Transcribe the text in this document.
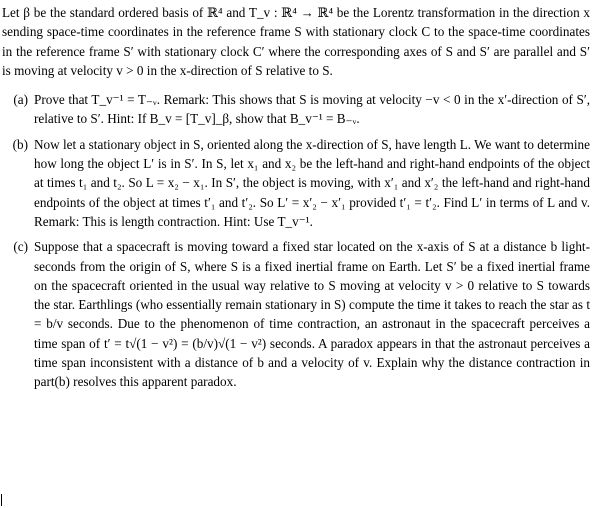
Let β be the standard ordered basis of ℝ⁴ and T_v : ℝ⁴ → ℝ⁴ be the Lorentz transformation in the direction x sending space-time coordinates in the reference frame S with stationary clock C to the space-time coordinates in the reference frame S′ with stationary clock C′ where the corresponding axes of S and S′ are parallel and S′ is moving at velocity v > 0 in the x-direction of S relative to S.

(a) Prove that T_v⁻¹ = T₋ᵥ. Remark: This shows that S is moving at velocity −v < 0 in the x′-direction of S′, relative to S′. Hint: If B_v = [T_v]_β, show that B_v⁻¹ = B₋ᵥ.
(b) Now let a stationary object in S, oriented along the x-direction of S, have length L. We want to determine how long the object L′ is in S′. In S, let x₁ and x₂ be the left-hand and right-hand endpoints of the object at times t₁ and t₂. So L = x₂ − x₁. In S′, the object is moving, with x′₁ and x′₂ the left-hand and right-hand endpoints of the object at times t′₁ and t′₂. So L′ = x′₂ − x′₁ provided t′₁ = t′₂. Find L′ in terms of L and v. Remark: This is length contraction. Hint: Use T_v⁻¹.
(c) Suppose that a spacecraft is moving toward a fixed star located on the x-axis of S at a distance b light-seconds from the origin of S, where S is a fixed inertial frame on Earth. Let S′ be a fixed inertial frame on the spacecraft oriented in the usual way relative to S moving at velocity v > 0 relative to S towards the star. Earthlings (who essentially remain stationary in S) compute the time it takes to reach the star as t = b/v seconds. Due to the phenomenon of time contraction, an astronaut in the spacecraft perceives a time span of t′ = t√(1 − v²) = (b/v)√(1 − v²) seconds. A paradox appears in that the astronaut perceives a time span inconsistent with a distance of b and a velocity of v. Explain why the distance contraction in part(b) resolves this apparent paradox.
